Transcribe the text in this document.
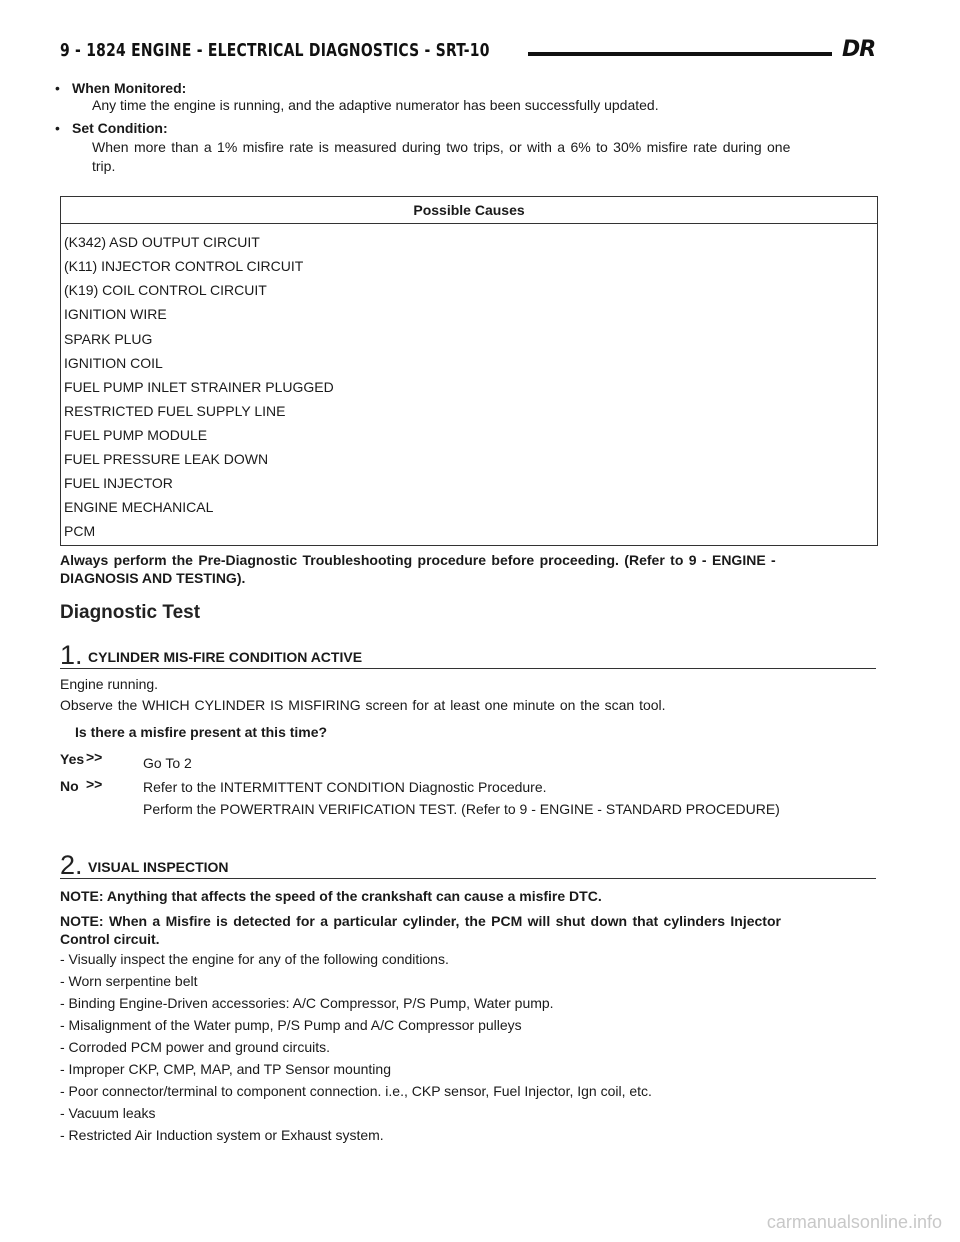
9 - 1824 ENGINE - ELECTRICAL DIAGNOSTICS - SRT-10	DR
• When Monitored:
Any time the engine is running, and the adaptive numerator has been successfully updated.
• Set Condition:
When more than a 1% misfire rate is measured during two trips, or with a 6% to 30% misfire rate during one
trip.
Possible Causes
(K342) ASD OUTPUT CIRCUIT
(K11) INJECTOR CONTROL CIRCUIT
(K19) COIL CONTROL CIRCUIT
IGNITION WIRE
SPARK PLUG
IGNITION COIL
FUEL PUMP INLET STRAINER PLUGGED
RESTRICTED FUEL SUPPLY LINE
FUEL PUMP MODULE
FUEL PRESSURE LEAK DOWN
FUEL INJECTOR
ENGINE MECHANICAL
PCM
Always perform the Pre-Diagnostic Troubleshooting procedure before proceeding. (Refer to 9 - ENGINE -
DIAGNOSIS AND TESTING).
Diagnostic Test
1. CYLINDER MIS-FIRE CONDITION ACTIVE
Engine running.
Observe the WHICH CYLINDER IS MISFIRING screen for at least one minute on the scan tool.
Is there a misfire present at this time?
Yes >>	Go To 2
No >>	Refer to the INTERMITTENT CONDITION Diagnostic Procedure.
Perform the POWERTRAIN VERIFICATION TEST. (Refer to 9 - ENGINE - STANDARD PROCEDURE)
2. VISUAL INSPECTION
NOTE: Anything that affects the speed of the crankshaft can cause a misfire DTC.
NOTE: When a Misfire is detected for a particular cylinder, the PCM will shut down that cylinders Injector
Control circuit.
- Visually inspect the engine for any of the following conditions.
- Worn serpentine belt
- Binding Engine-Driven accessories: A/C Compressor, P/S Pump, Water pump.
- Misalignment of the Water pump, P/S Pump and A/C Compressor pulleys
- Corroded PCM power and ground circuits.
- Improper CKP, CMP, MAP, and TP Sensor mounting
- Poor connector/terminal to component connection. i.e., CKP sensor, Fuel Injector, Ign coil, etc.
- Vacuum leaks
- Restricted Air Induction system or Exhaust system.
carmanualsonline.info
